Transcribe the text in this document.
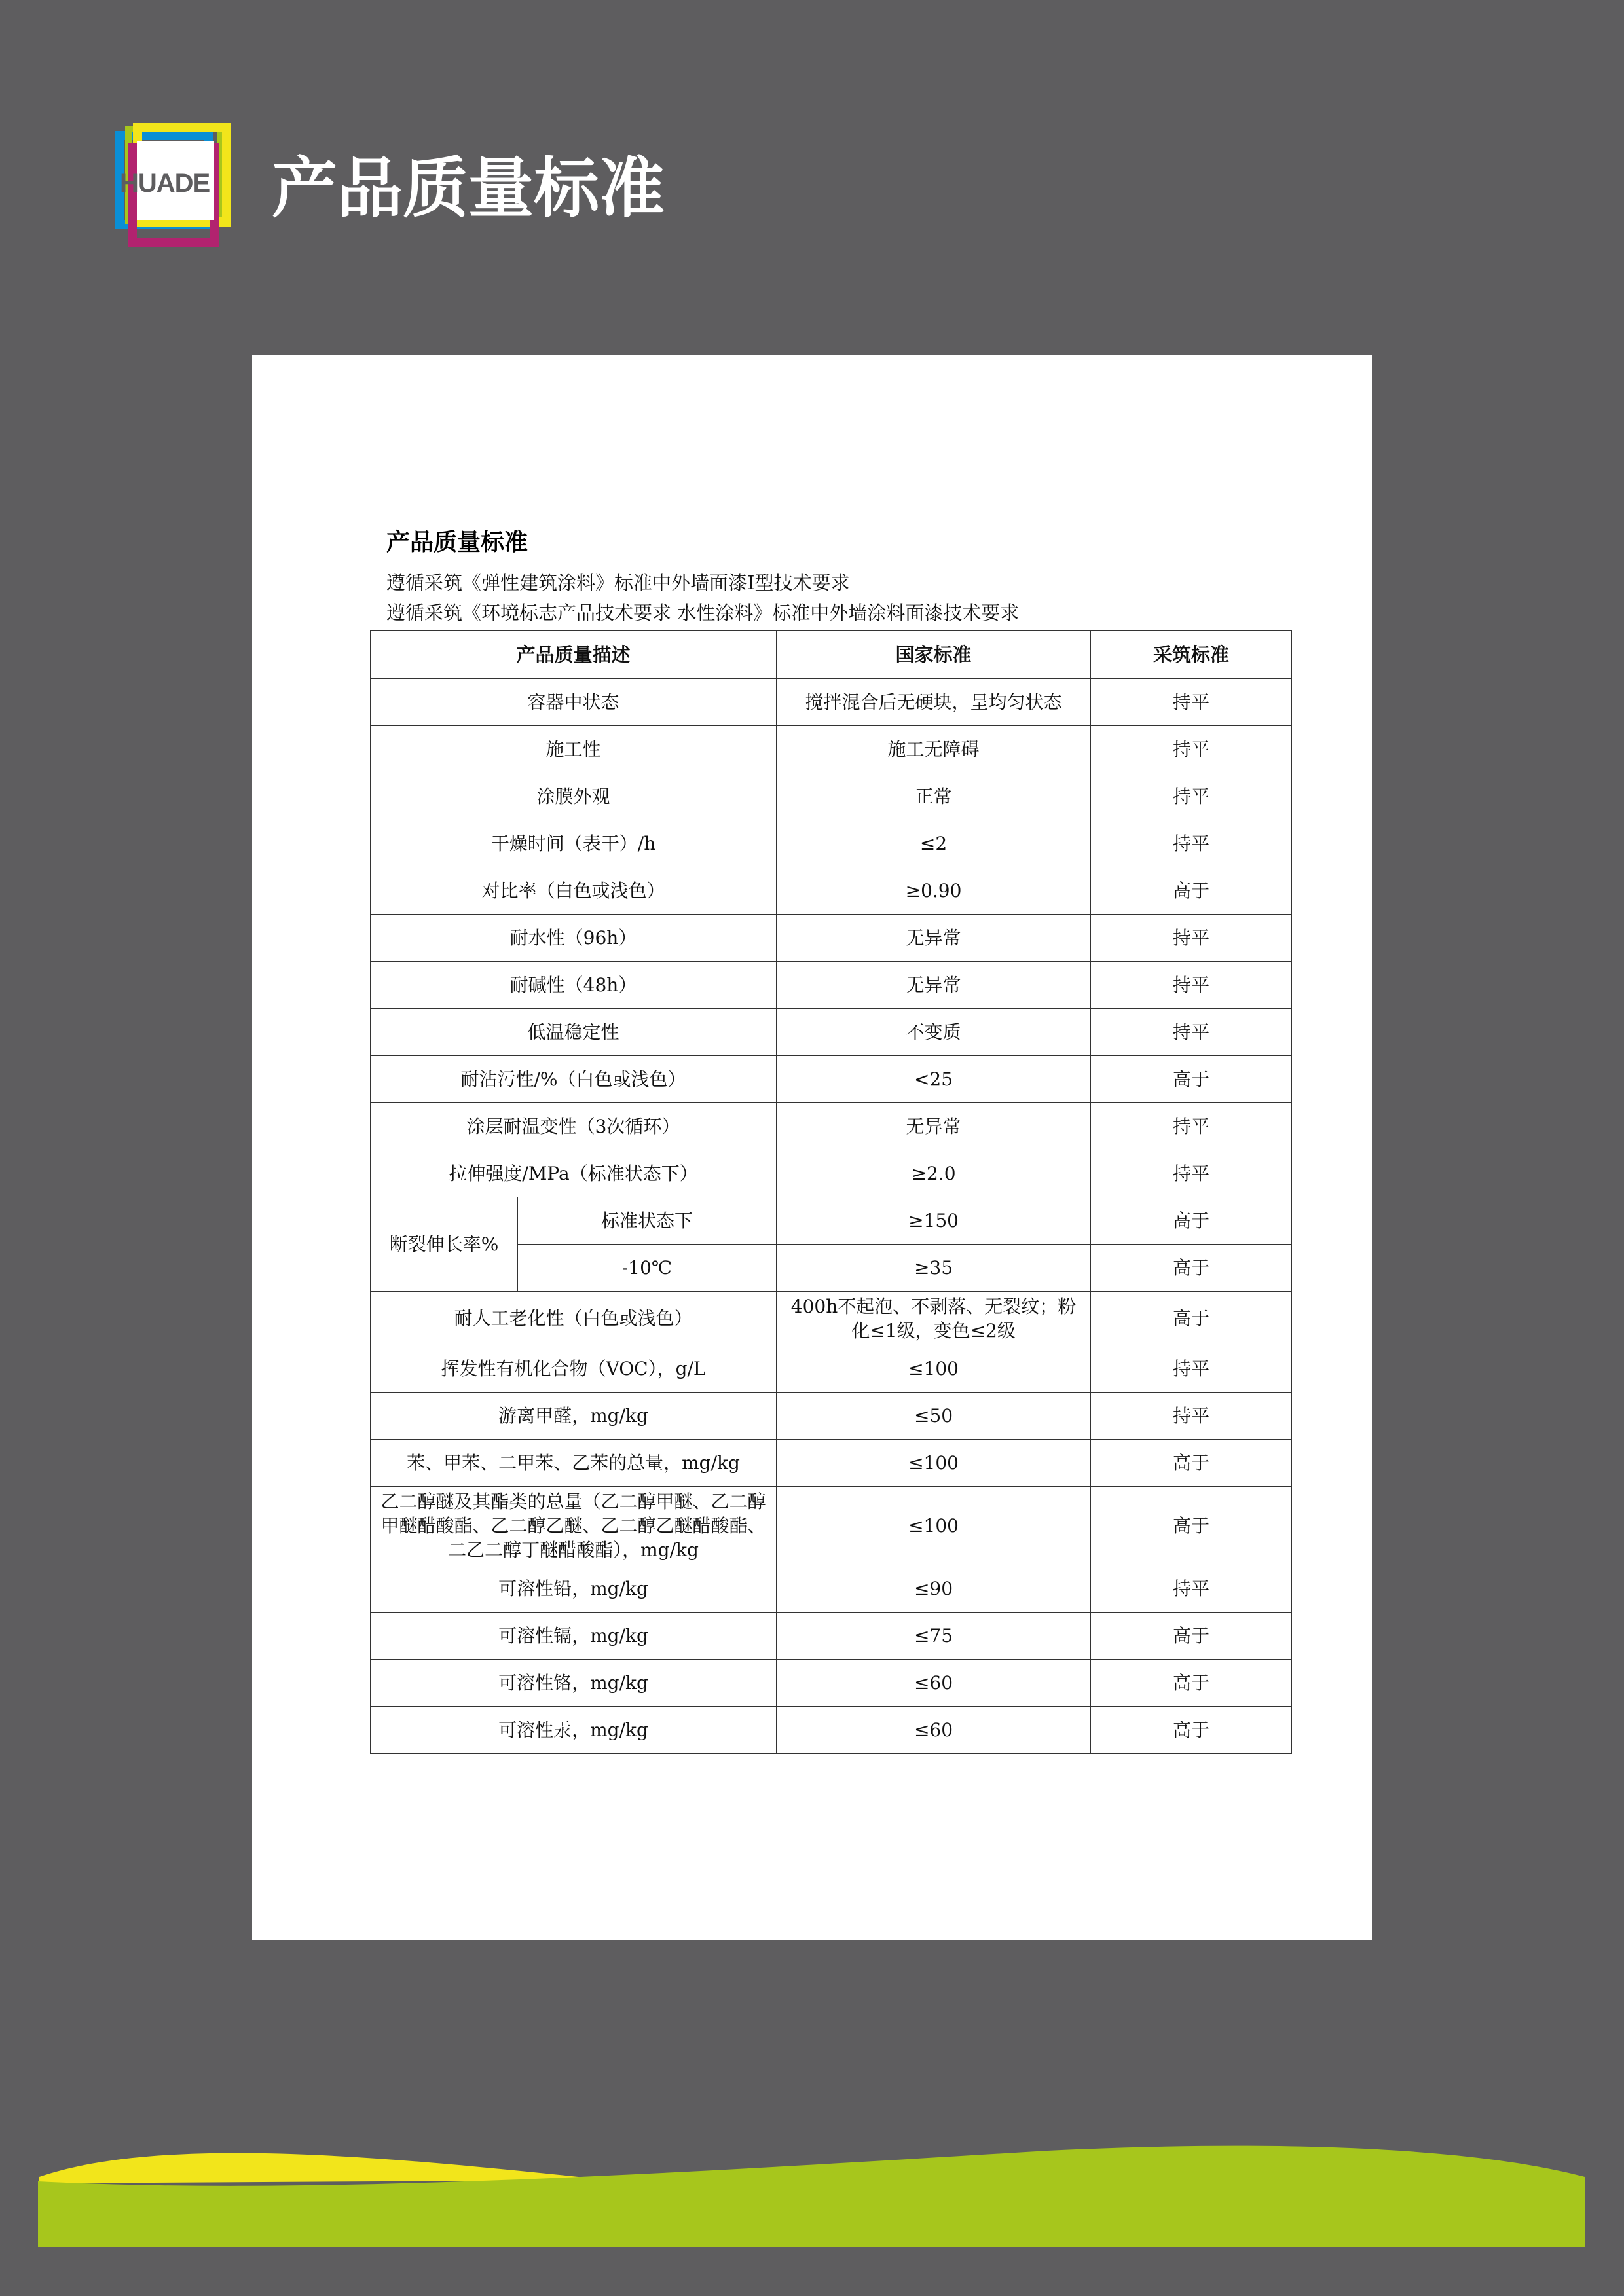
HUADE 产品质量标准
产品质量标准

遵循采筑《弹性建筑涂料》标准中外墙面漆Ⅰ型技术要求

遵循采筑《环境标志产品技术要求 水性涂料》标准中外墙涂料面漆技术要求

产品质量描述		国家标准	采筑标准
容器中状态		搅拌混合后无硬块，呈均匀状态	持平
施工性		施工无障碍	持平
涂膜外观		正常	持平
干燥时间（表干）/h		≤2	持平
对比率（白色或浅色）		≥0.90	高于
耐水性（96h）		无异常	持平
耐碱性（48h）		无异常	持平
低温稳定性		不变质	持平
耐沾污性/%（白色或浅色）		<25	高于
涂层耐温变性（3次循环）		无异常	持平
拉伸强度/MPa（标准状态下）		≥2.0	持平
断裂伸长率%	标准状态下	≥150	高于
	-10℃	≥35	高于
耐人工老化性（白色或浅色）		400h不起泡、不剥落、无裂纹；粉化≤1级，变色≤2级	高于
挥发性有机化合物（VOC），g/L		≤100	持平
游离甲醛，mg/kg		≤50	持平
苯、甲苯、二甲苯、乙苯的总量，mg/kg		≤100	高于
乙二醇醚及其酯类的总量（乙二醇甲醚、乙二醇甲醚醋酸酯、乙二醇乙醚、乙二醇乙醚醋酸酯、二乙二醇丁醚醋酸酯），mg/kg		≤100	高于
可溶性铅，mg/kg		≤90	持平
可溶性镉，mg/kg		≤75	高于
可溶性铬，mg/kg		≤60	高于
可溶性汞，mg/kg		≤60	高于
